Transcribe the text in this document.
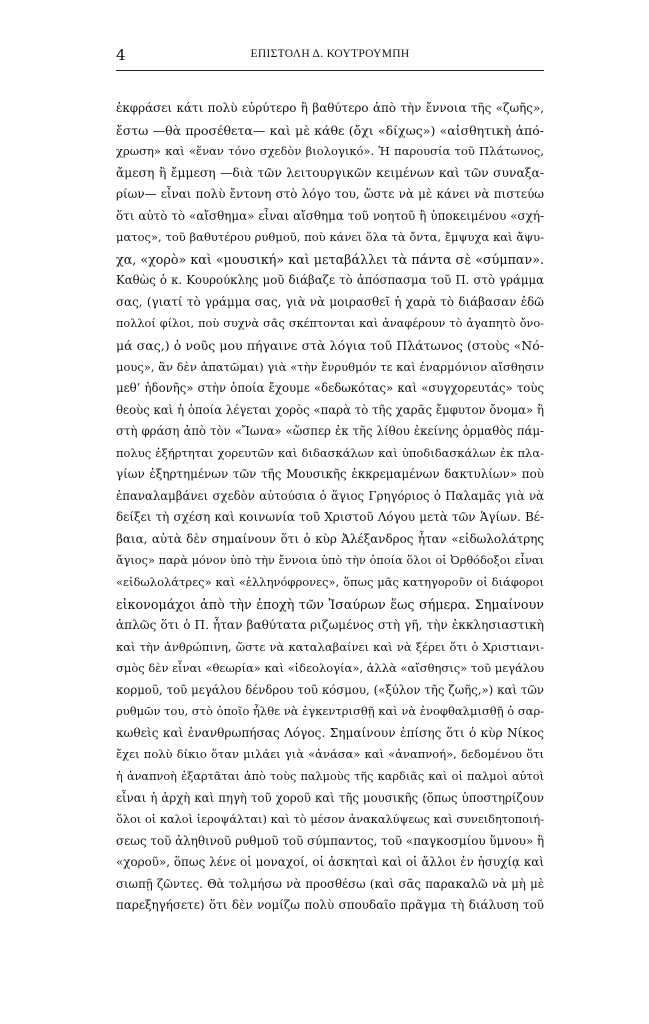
4	ΕΠΙΣΤΟΛΗ Δ. ΚΟΥΤΡΟΥΜΠΗ
ἐκφράσει κάτι πολὺ εὐρύτερο ἢ βαθύτερο ἀπὸ τὴν ἔννοια τῆς «ζωῆς»,
ἔστω —θὰ προσέθετα— καὶ μὲ κάθε (ὄχι «δίχως») «αἰσθητικὴ ἀπό-
χρωση» καὶ «ἕναν τόνο σχεδὸν βιολογικό». Ἡ παρουσία τοῦ Πλάτωνος,
ἄμεση ἢ ἔμμεση —διὰ τῶν λειτουργικῶν κειμένων καὶ τῶν συναξα-
ρίων— εἶναι πολὺ ἔντονη στὸ λόγο του, ὥστε νὰ μὲ κάνει νὰ πιστεύω
ὅτι αὐτὸ τὸ «αἴσθημα» εἶναι αἴσθημα τοῦ νοητοῦ ἢ ὑποκειμένου «σχή-
ματος», τοῦ βαθυτέρου ρυθμοῦ, ποὺ κάνει ὅλα τὰ ὄντα, ἔμψυχα καὶ ἄψυ-
χα, «χορὸ» καὶ «μουσική» καὶ μεταβάλλει τὰ πάντα σὲ «σύμπαν».
Καθὼς ὁ κ. Κουρούκλης μοῦ διάβαζε τὸ ἀπόσπασμα τοῦ Π. στὸ γράμμα
σας, (γιατί τὸ γράμμα σας, γιὰ νὰ μοιρασθεῖ ἡ χαρὰ τὸ διάβασαν ἐδῶ
πολλοί φίλοι, ποὺ συχνὰ σᾶς σκέπτονται καὶ ἀναφέρουν τὸ ἀγαπητὸ ὄνο-
μά σας,) ὁ νοῦς μου πήγαινε στὰ λόγια τοῦ Πλάτωνος (στοὺς «Νό-
μους», ἂν δὲν ἀπατῶμαι) γιὰ «τὴν ἔνρυθμόν τε καὶ ἐναρμόνιον αἴσθησιν
μεθ’ ἡδονῆς» στὴν ὁποία ἔχουμε «δεδωκότας» καὶ «συγχορευτάς» τοὺς
θεοὺς καὶ ἡ ὁποία λέγεται χορὸς «παρὰ τὸ τῆς χαρᾶς ἔμφυτον ὄνομα» ἢ
στὴ φράση ἀπὸ τὸν «Ἴωνα» «ὥσπερ ἐκ τῆς λίθου ἐκείνης ὁρμαθὸς πάμ-
πολυς ἐξήρτηται χορευτῶν καὶ διδασκάλων καὶ ὑποδιδασκάλων ἐκ πλα-
γίων ἐξηρτημένων τῶν τῆς Μουσικῆς ἐκκρεμαμένων δακτυλίων» ποὺ
ἐπαναλαμβάνει σχεδὸν αὐτούσια ὁ ἅγιος Γρηγόριος ὁ Παλαμᾶς γιὰ νὰ
δείξει τὴ σχέση καὶ κοινωνία τοῦ Χριστοῦ Λόγου μετὰ τῶν Ἁγίων. Βέ-
βαια, αὐτὰ δὲν σημαίνουν ὅτι ὁ κὺρ Ἀλέξανδρος ἦταν «εἰδωλολάτρης
ἄγιος» παρὰ μόνον ὑπὸ τὴν ἔννοια ὑπὸ τὴν ὁποία ὅλοι οἱ Ὀρθόδοξοι εἶναι
«εἰδωλολάτρες» καὶ «ἑλληνόφρονες», ὅπως μᾶς κατηγοροῦν οἱ διάφοροι
εἰκονομάχοι ἀπὸ τὴν ἐποχὴ τῶν Ἰσαύρων ἕως σήμερα. Σημαίνουν
ἁπλῶς ὅτι ὁ Π. ἦταν βαθύτατα ριζωμένος στὴ γῆ, τὴν ἐκκλησιαστικὴ
καὶ τὴν ἀνθρώπινη, ὥστε νὰ καταλαβαίνει καὶ νὰ ξέρει ὅτι ὁ Χριστιανι-
σμὸς δὲν εἶναι «θεωρία» καὶ «ἰδεολογία», ἀλλὰ «αἴσθησις» τοῦ μεγάλου
κορμοῦ, τοῦ μεγάλου δένδρου τοῦ κόσμου, («ξύλον τῆς ζωῆς,») καὶ τῶν
ρυθμῶν του, στὸ ὁποῖο ἦλθε νὰ ἐγκεντρισθῇ καὶ νὰ ἐνοφθαλμισθῇ ὁ σαρ-
κωθεὶς καὶ ἐνανθρωπήσας Λόγος. Σημαίνουν ἐπίσης ὅτι ὁ κὺρ Νίκος
ἔχει πολὺ δίκιο ὅταν μιλάει γιὰ «ἀνάσα» καὶ «ἀναπνοή», δεδομένου ὅτι
ἡ ἀναπνοὴ ἐξαρτᾶται ἀπὸ τοὺς παλμοὺς τῆς καρδιᾶς καὶ οἱ παλμοὶ αὐτοὶ
εἶναι ἡ ἀρχὴ καὶ πηγὴ τοῦ χοροῦ καὶ τῆς μουσικῆς (ὅπως ὑποστηρίζουν
ὅλοι οἱ καλοὶ ἱεροψάλται) καὶ τὸ μέσον ἀνακαλύψεως καὶ συνειδητοποιή-
σεως τοῦ ἀληθινοῦ ρυθμοῦ τοῦ σύμπαντος, τοῦ «παγκοσμίου ὕμνου» ἢ
«χοροῦ», ὅπως λένε οἱ μοναχοί, οἱ ἀσκηταὶ καὶ οἱ ἄλλοι ἐν ἡσυχίᾳ καὶ
σιωπῇ ζῶντες. Θὰ τολμήσω νὰ προσθέσω (καὶ σᾶς παρακαλῶ νὰ μὴ μὲ
παρεξηγήσετε) ὅτι δὲν νομίζω πολὺ σπουδαῖο πρᾶγμα τὴ διάλυση τοῦ
